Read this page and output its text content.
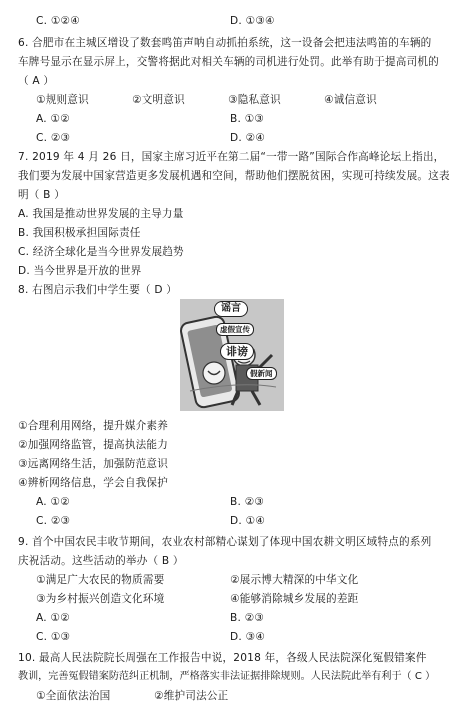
C. ①②④	D. ①③④
6. 合肥市在主城区增设了数套鸣笛声呐自动抓拍系统，这一设备会把违法鸣笛的车辆的
车牌号显示在显示屏上，交警将据此对相关车辆的司机进行处罚。此举有助于提高司机的
（ A ）
①规则意识	②文明意识	③隐私意识	④诚信意识
A. ①②	B. ①③
C. ②③	D. ②④
7. 2019 年 4 月 26 日，国家主席习近平在第二届“一带一路”国际合作高峰论坛上指出，
我们要为发展中国家营造更多发展机遇和空间，帮助他们摆脱贫困，实现可持续发展。这表
明（ B ）
A. 我国是推动世界发展的主导力量
B. 我国积极承担国际责任
C. 经济全球化是当今世界发展趋势
D. 当今世界是开放的世界
8. 右图启示我们中学生要（ D ）
谣言
虚假宣传
诽谤
假新闻
①合理利用网络，提升媒介素养
②加强网络监管，提高执法能力
③远离网络生活，加强防范意识
④辨析网络信息，学会自我保护
A. ①②	B. ②③
C. ②③	D. ①④
9. 首个中国农民丰收节期间，农业农村部精心谋划了体现中国农耕文明区域特点的系列
庆祝活动。这些活动的举办（ B ）
①满足广大农民的物质需要	②展示博大精深的中华文化
③为乡村振兴创造文化环境	④能够消除城乡发展的差距
A. ①②	B. ②③
C. ①③	D. ③④
10. 最高人民法院院长周强在工作报告中说，2018 年，各级人民法院深化冤假错案件
教训，完善冤假错案防范纠正机制，严格落实非法证据排除规则。人民法院此举有利于（ C ）
①全面依法治国	②维护司法公正
